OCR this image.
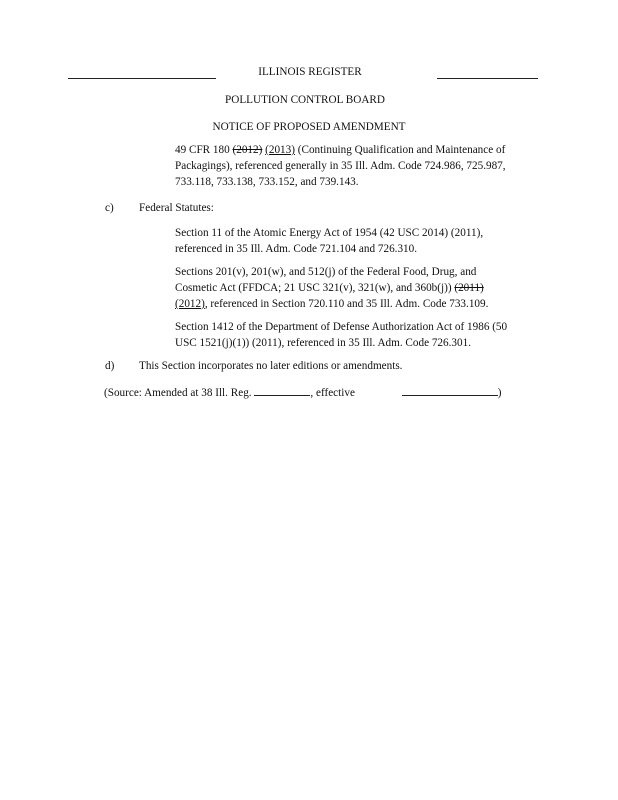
ILLINOIS REGISTER
POLLUTION CONTROL BOARD
NOTICE OF PROPOSED AMENDMENT
49 CFR 180 (2012) (2013) (Continuing Qualification and Maintenance of
Packagings), referenced generally in 35 Ill. Adm. Code 724.986, 725.987,
733.118, 733.138, 733.152, and 739.143.
c) Federal Statutes:
Section 11 of the Atomic Energy Act of 1954 (42 USC 2014) (2011),
referenced in 35 Ill. Adm. Code 721.104 and 726.310.
Sections 201(v), 201(w), and 512(j) of the Federal Food, Drug, and
Cosmetic Act (FFDCA; 21 USC 321(v), 321(w), and 360b(j)) (2011)
(2012), referenced in Section 720.110 and 35 Ill. Adm. Code 733.109.
Section 1412 of the Department of Defense Authorization Act of 1986 (50
USC 1521(j)(1)) (2011), referenced in 35 Ill. Adm. Code 726.301.
d) This Section incorporates no later editions or amendments.
(Source: Amended at 38 Ill. Reg.	, effective	)
